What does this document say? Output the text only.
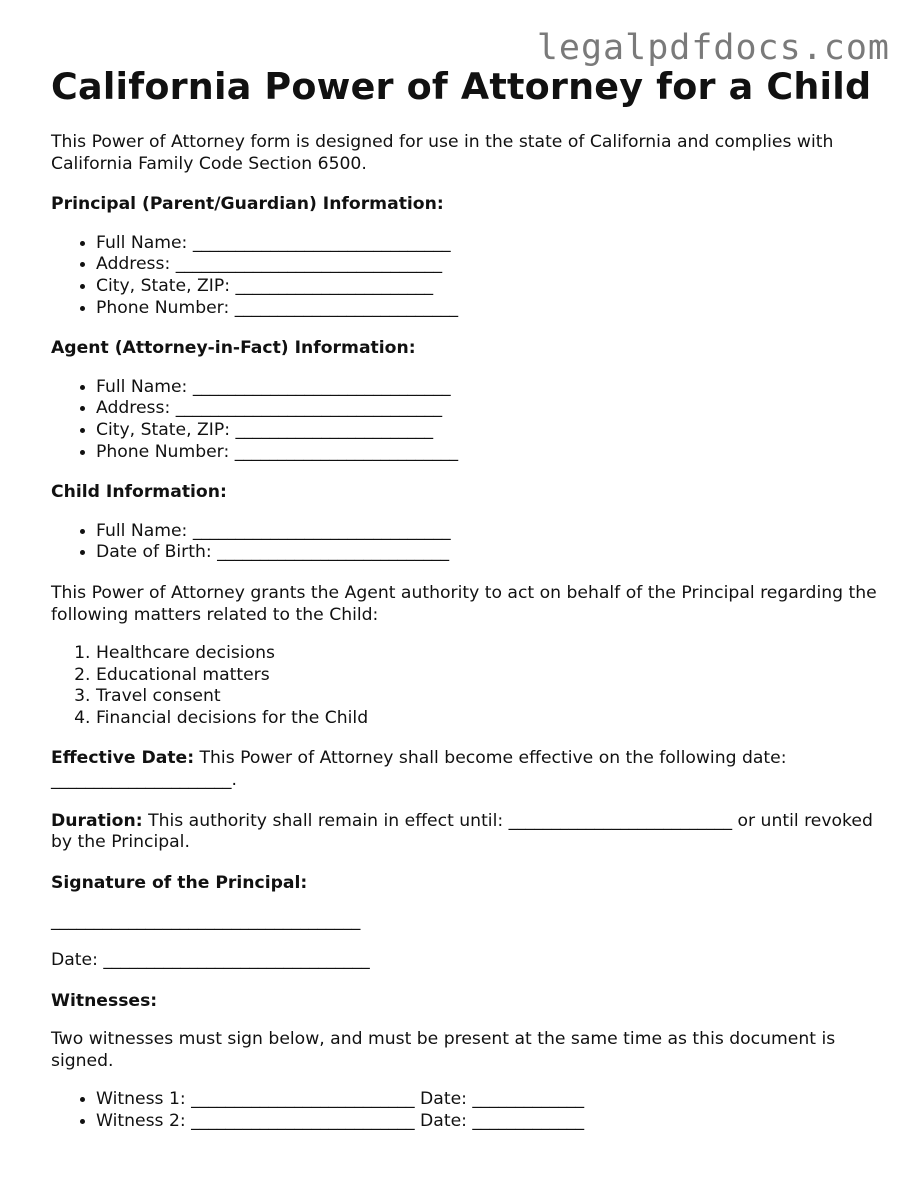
legalpdfdocs.com
California Power of Attorney for a Child

This Power of Attorney form is designed for use in the state of California and complies with California Family Code Section 6500.

Principal (Parent/Guardian) Information:

• Full Name: ______________________________
• Address: _______________________________
• City, State, ZIP: _______________________
• Phone Number: __________________________

Agent (Attorney-in-Fact) Information:

• Full Name: ______________________________
• Address: _______________________________
• City, State, ZIP: _______________________
• Phone Number: __________________________

Child Information:

• Full Name: ______________________________
• Date of Birth: ___________________________

This Power of Attorney grants the Agent authority to act on behalf of the Principal regarding the following matters related to the Child:

1. Healthcare decisions
2. Educational matters
3. Travel consent
4. Financial decisions for the Child

Effective Date: This Power of Attorney shall become effective on the following date: _____________________.

Duration: This authority shall remain in effect until: __________________________ or until revoked by the Principal.

Signature of the Principal:

____________________________________

Date: _______________________________

Witnesses:

Two witnesses must sign below, and must be present at the same time as this document is signed.

• Witness 1: __________________________ Date: _____________
• Witness 2: __________________________ Date: _____________
